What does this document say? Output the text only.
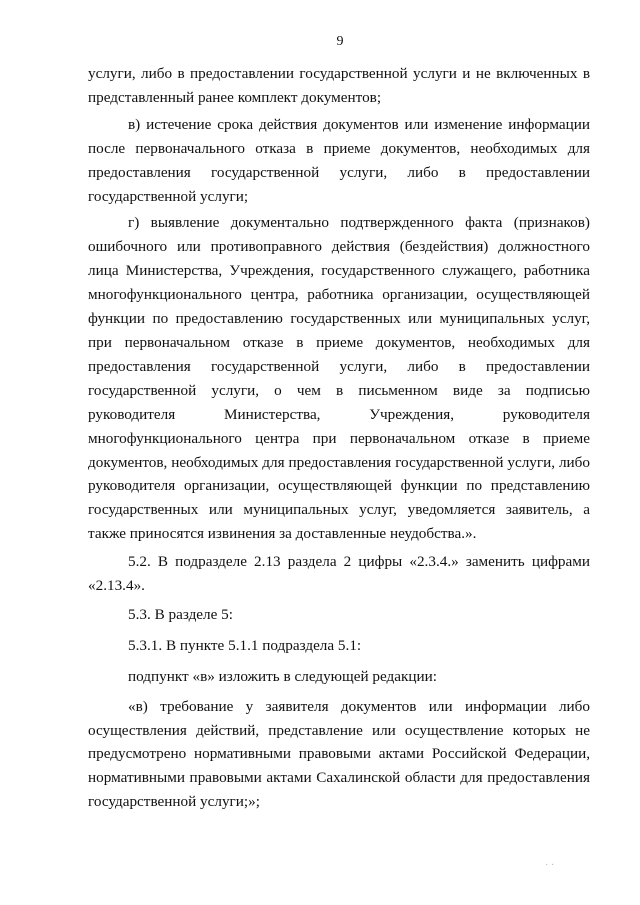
9

услуги, либо в предоставлении государственной услуги и не включенных в представленный ранее комплект документов;

в) истечение срока действия документов или изменение информации после первоначального отказа в приеме документов, необходимых для предоставления государственной услуги, либо в предоставлении государственной услуги;

г) выявление документально подтвержденного факта (признаков) ошибочного или противоправного действия (бездействия) должностного лица Министерства, Учреждения, государственного служащего, работника многофункционального центра, работника организации, осуществляющей функции по предоставлению государственных или муниципальных услуг, при первоначальном отказе в приеме документов, необходимых для предоставления государственной услуги, либо в предоставлении государственной услуги, о чем в письменном виде за подписью руководителя Министерства, Учреждения, руководителя многофункционального центра при первоначальном отказе в приеме документов, необходимых для предоставления государственной услуги, либо руководителя организации, осуществляющей функции по представлению государственных или муниципальных услуг, уведомляется заявитель, а также приносятся извинения за доставленные неудобства.».

5.2. В подразделе 2.13 раздела 2 цифры «2.3.4.» заменить цифрами «2.13.4».

5.3. В разделе 5:

5.3.1. В пункте 5.1.1 подраздела 5.1:

подпункт «в» изложить в следующей редакции:

«в) требование у заявителя документов или информации либо осуществления действий, представление или осуществление которых не предусмотрено нормативными правовыми актами Российской Федерации, нормативными правовыми актами Сахалинской области для предоставления государственной услуги;»;

· ·
